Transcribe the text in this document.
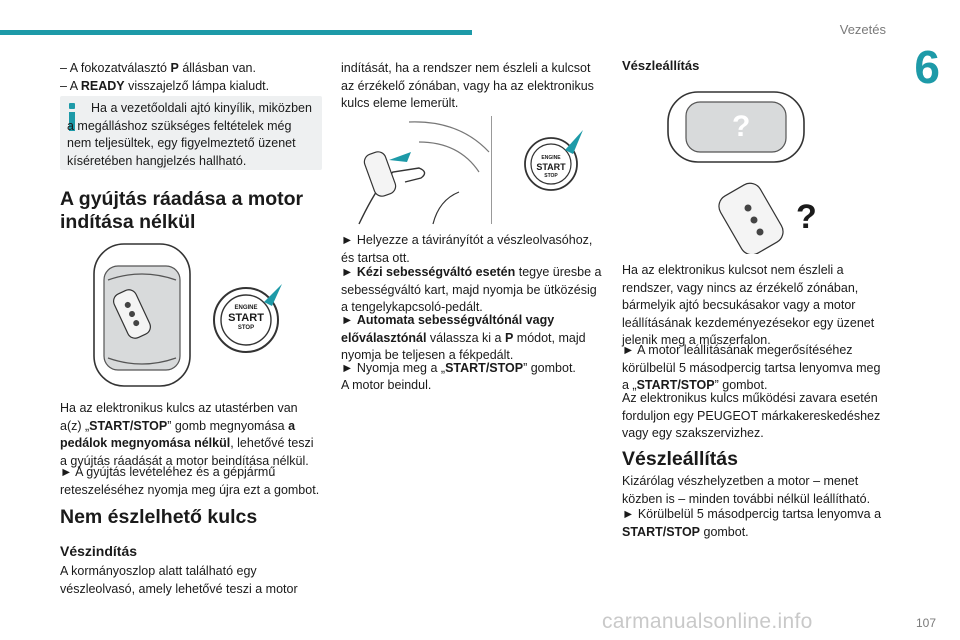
Vezetés
6

– A fokozatválasztó P állásban van.

– A READY visszajelző lámpa kialudt.

Ha a vezetőoldali ajtó kinyílik, miközben a megálláshoz szükséges feltételek még nem teljesültek, egy figyelmeztető üzenet kíséretében hangjelzés hallható.

A gyújtás ráadása a motor
indítása nélkül
ENGINE
START
STOP

Ha az elektronikus kulcs az utastérben van a(z) „START/STOP” gomb megnyomása a pedálok megnyomása nélkül, lehetővé teszi a gyújtás ráadását a motor beindítása nélkül.

► A gyújtás levételéhez és a gépjármű reteszeléséhez nyomja meg újra ezt a gombot.

Nem észlelhető kulcs
Vészindítás

A kormányoszlop alatt található egy vészleolvasó, amely lehetővé teszi a motor

indítását, ha a rendszer nem észleli a kulcsot az érzékelő zónában, vagy ha az elektronikus kulcs eleme lemerült.

ENGINE
START
STOP

► Helyezze a távirányítót a vészleolvasóhoz, és tartsa ott.

► Kézi sebességváltó esetén tegye üresbe a sebességváltó kart, majd nyomja be ütközésig a tengelykapcsoló-pedált.

► Automata sebességváltónál vagy előválasztónál válassza ki a P módot, majd nyomja be teljesen a fékpedált.

► Nyomja meg a „START/STOP” gombot.

A motor beindul.

Vészleállítás
?
?

Ha az elektronikus kulcsot nem észleli a rendszer, vagy nincs az érzékelő zónában, bármelyik ajtó becsukásakor vagy a motor leállításának kezdeményezésekor egy üzenet jelenik meg a műszerfalon.

► A motor leállításának megerősítéséhez körülbelül 5 másodpercig tartsa lenyomva meg a „START/STOP” gombot.

Az elektronikus kulcs működési zavara esetén forduljon egy PEUGEOT márkakereskedéshez vagy egy szakszervizhez.

Vészleállítás

Kizárólag vészhelyzetben a motor – menet közben is – minden további nélkül leállítható.

► Körülbelül 5 másodpercig tartsa lenyomva a START/STOP gombot.

107
carmanualsonline.info
